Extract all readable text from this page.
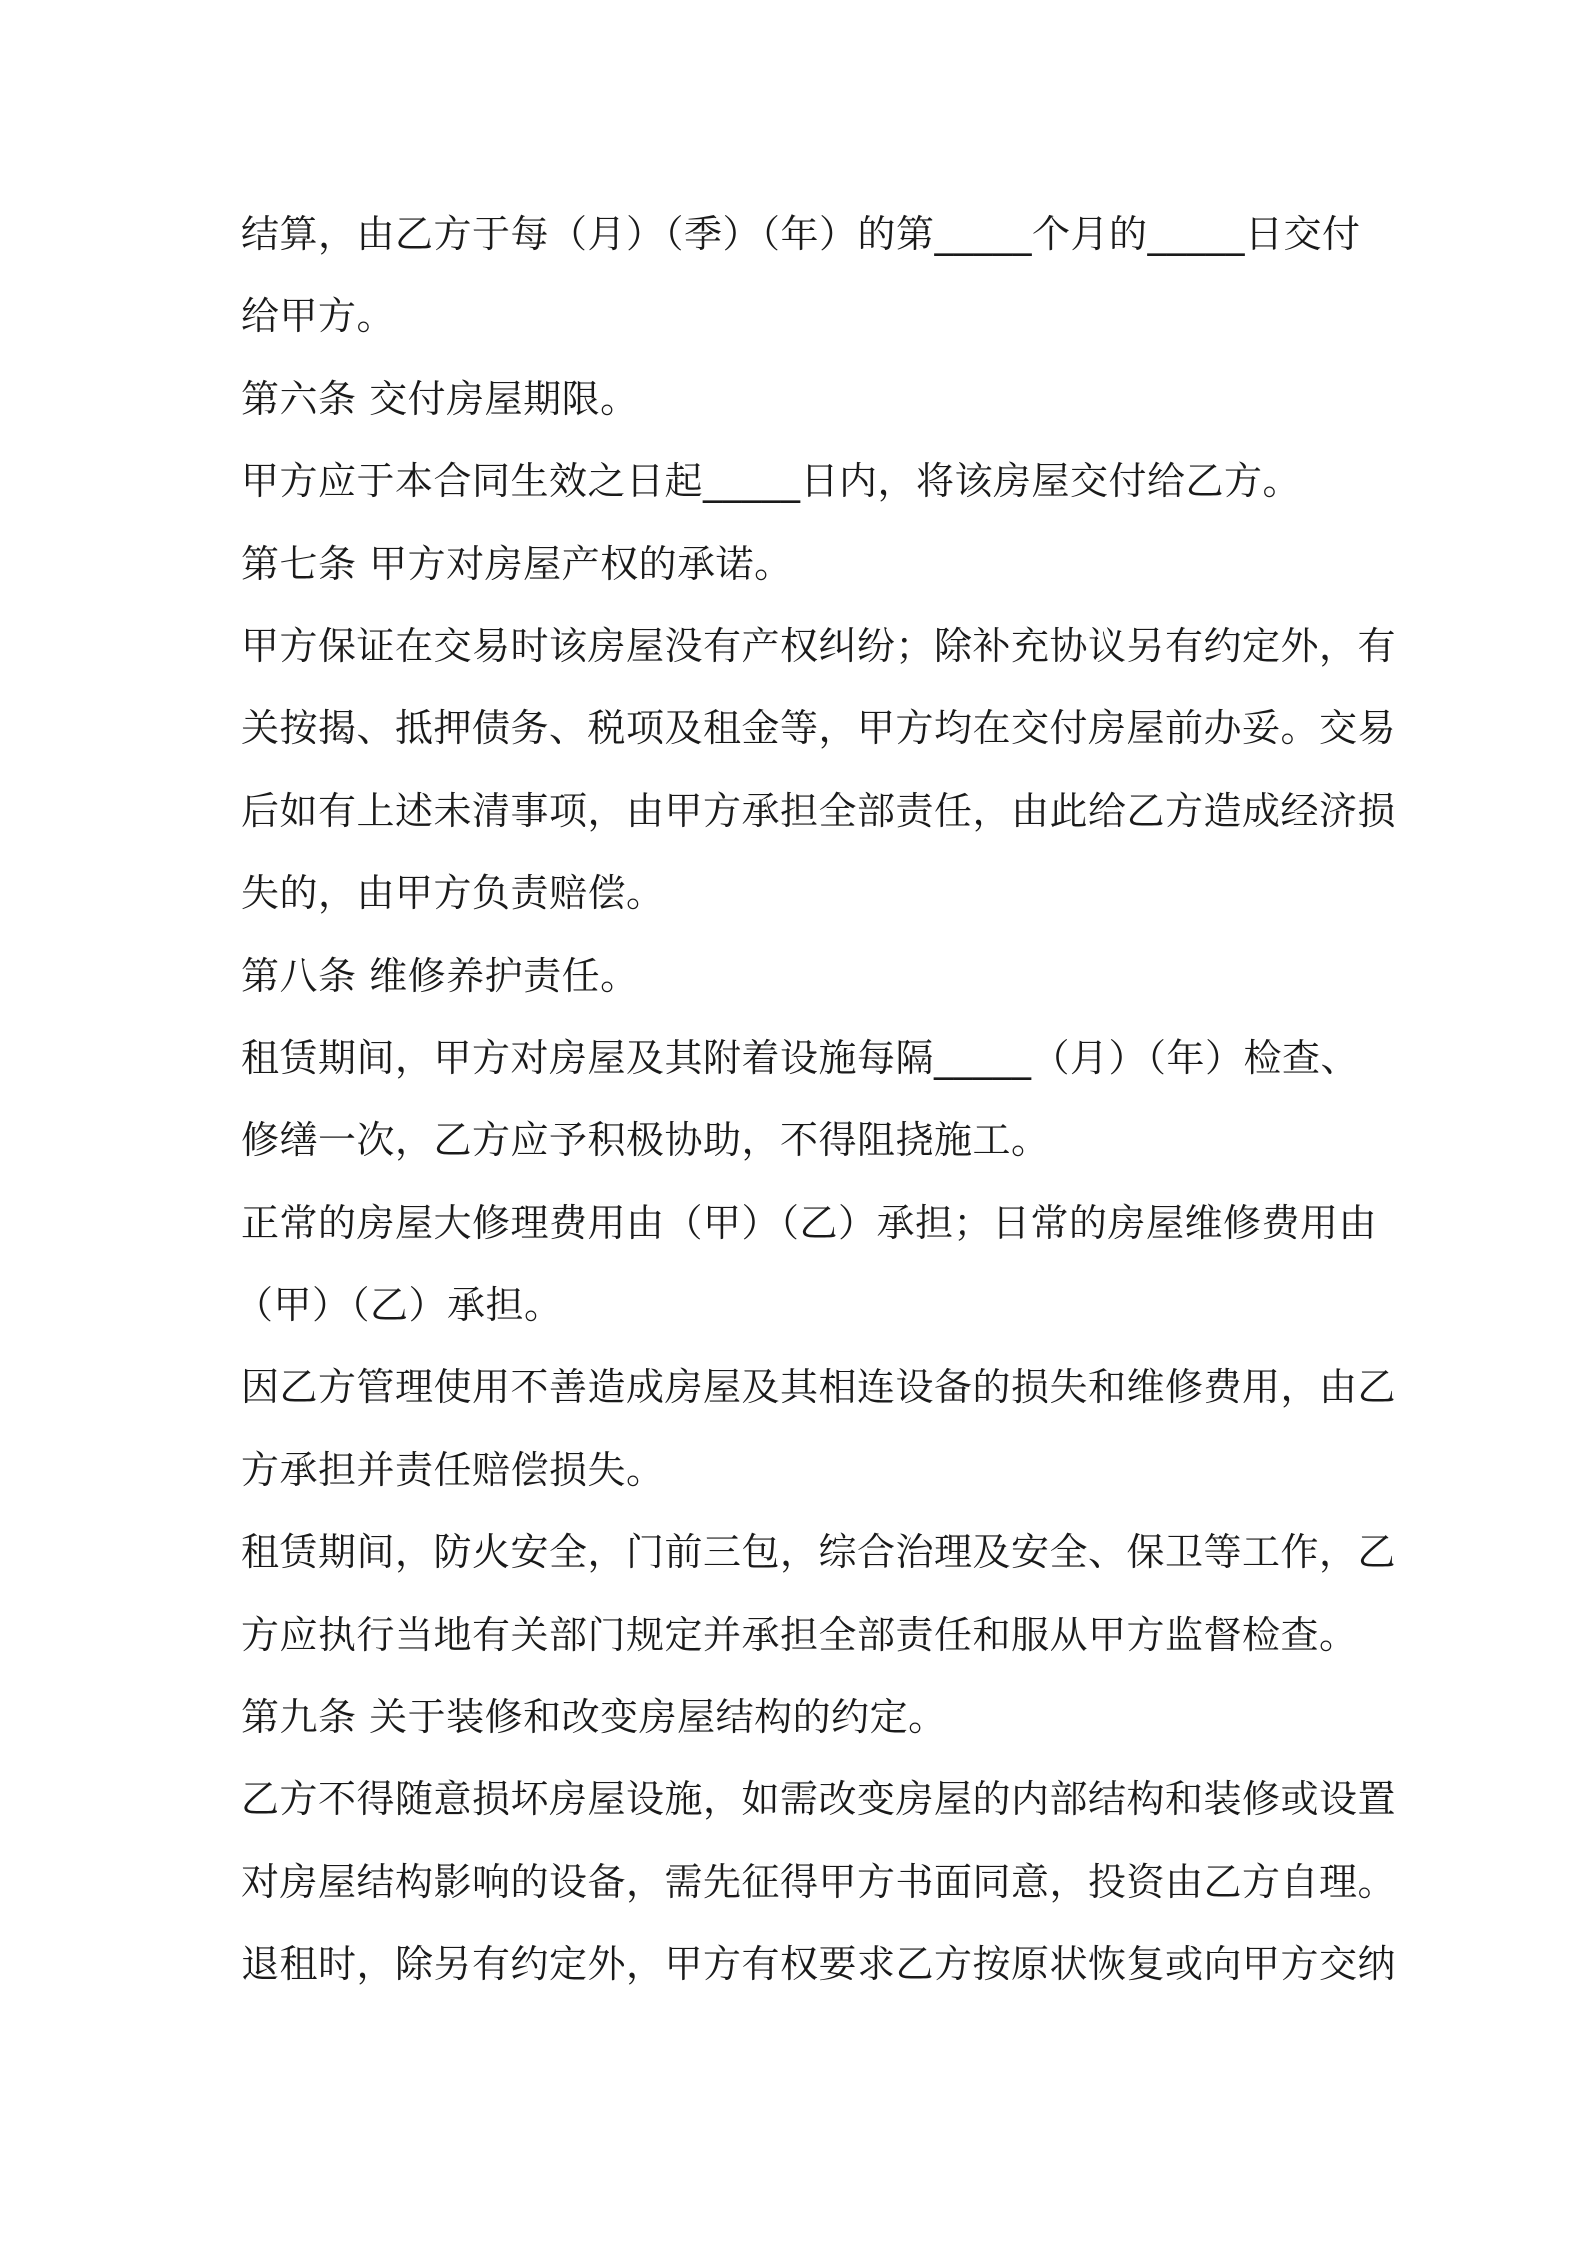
结算，由乙方于每（月）（季）（年）的第_____个月的_____日交付
给甲方。
第六条 交付房屋期限。
甲方应于本合同生效之日起_____日内，将该房屋交付给乙方。
第七条 甲方对房屋产权的承诺。
甲方保证在交易时该房屋没有产权纠纷；除补充协议另有约定外，有
关按揭、抵押债务、税项及租金等，甲方均在交付房屋前办妥。交易
后如有上述未清事项，由甲方承担全部责任，由此给乙方造成经济损
失的，由甲方负责赔偿。
第八条 维修养护责任。
租赁期间，甲方对房屋及其附着设施每隔_____（月）（年）检查、
修缮一次，乙方应予积极协助，不得阻挠施工。
正常的房屋大修理费用由（甲）（乙）承担；日常的房屋维修费用由
（甲）（乙）承担。
因乙方管理使用不善造成房屋及其相连设备的损失和维修费用，由乙
方承担并责任赔偿损失。
租赁期间，防火安全，门前三包，综合治理及安全、保卫等工作，乙
方应执行当地有关部门规定并承担全部责任和服从甲方监督检查。
第九条 关于装修和改变房屋结构的约定。
乙方不得随意损坏房屋设施，如需改变房屋的内部结构和装修或设置
对房屋结构影响的设备，需先征得甲方书面同意，投资由乙方自理。
退租时，除另有约定外，甲方有权要求乙方按原状恢复或向甲方交纳
